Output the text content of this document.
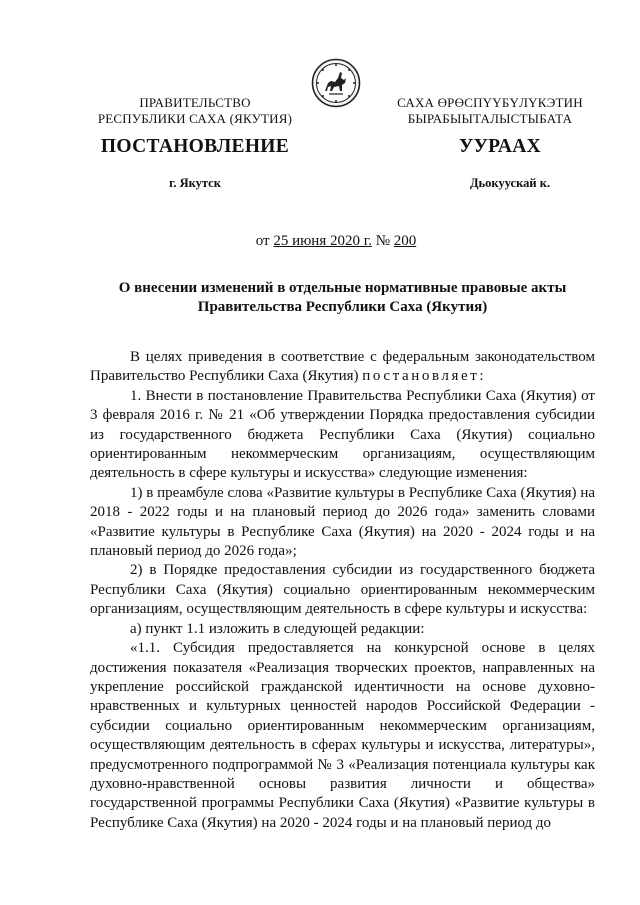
ПРАВИТЕЛЬСТВО
РЕСПУБЛИКИ САХА (ЯКУТИЯ)
САХА ӨРӨСПҮҮБҮЛҮКЭТИН
БЫРАБЫЫТАЛЫСТЫБАТА
ПОСТАНОВЛЕНИЕ	УУРААХ
г. Якутск	Дьокуускай к.
от 25 июня 2020 г. № 200
О внесении изменений в отдельные нормативные правовые акты
Правительства Республики Саха (Якутия)

В целях приведения в соответствие с федеральным законодательством Правительство Республики Саха (Якутия) постановляет:

1. Внести в постановление Правительства Республики Саха (Якутия) от 3 февраля 2016 г. № 21 «Об утверждении Порядка предоставления субсидии из государственного бюджета Республики Саха (Якутия) социально ориентированным некоммерческим организациям, осуществляющим деятельность в сфере культуры и искусства» следующие изменения:

1) в преамбуле слова «Развитие культуры в Республике Саха (Якутия) на 2018 - 2022 годы и на плановый период до 2026 года» заменить словами «Развитие культуры в Республике Саха (Якутия) на 2020 - 2024 годы и на плановый период до 2026 года»;

2) в Порядке предоставления субсидии из государственного бюджета Республики Саха (Якутия) социально ориентированным некоммерческим организациям, осуществляющим деятельность в сфере культуры и искусства:

а) пункт 1.1 изложить в следующей редакции:

«1.1. Субсидия предоставляется на конкурсной основе в целях достижения показателя «Реализация творческих проектов, направленных на укрепление российской гражданской идентичности на основе духовно-нравственных и культурных ценностей народов Российской Федерации - субсидии социально ориентированным некоммерческим организациям, осуществляющим деятельность в сферах культуры и искусства, литературы», предусмотренного подпрограммой № 3 «Реализация потенциала культуры как духовно-нравственной основы развития личности и общества» государственной программы Республики Саха (Якутия) «Развитие культуры в Республике Саха (Якутия) на 2020 - 2024 годы и на плановый период до
